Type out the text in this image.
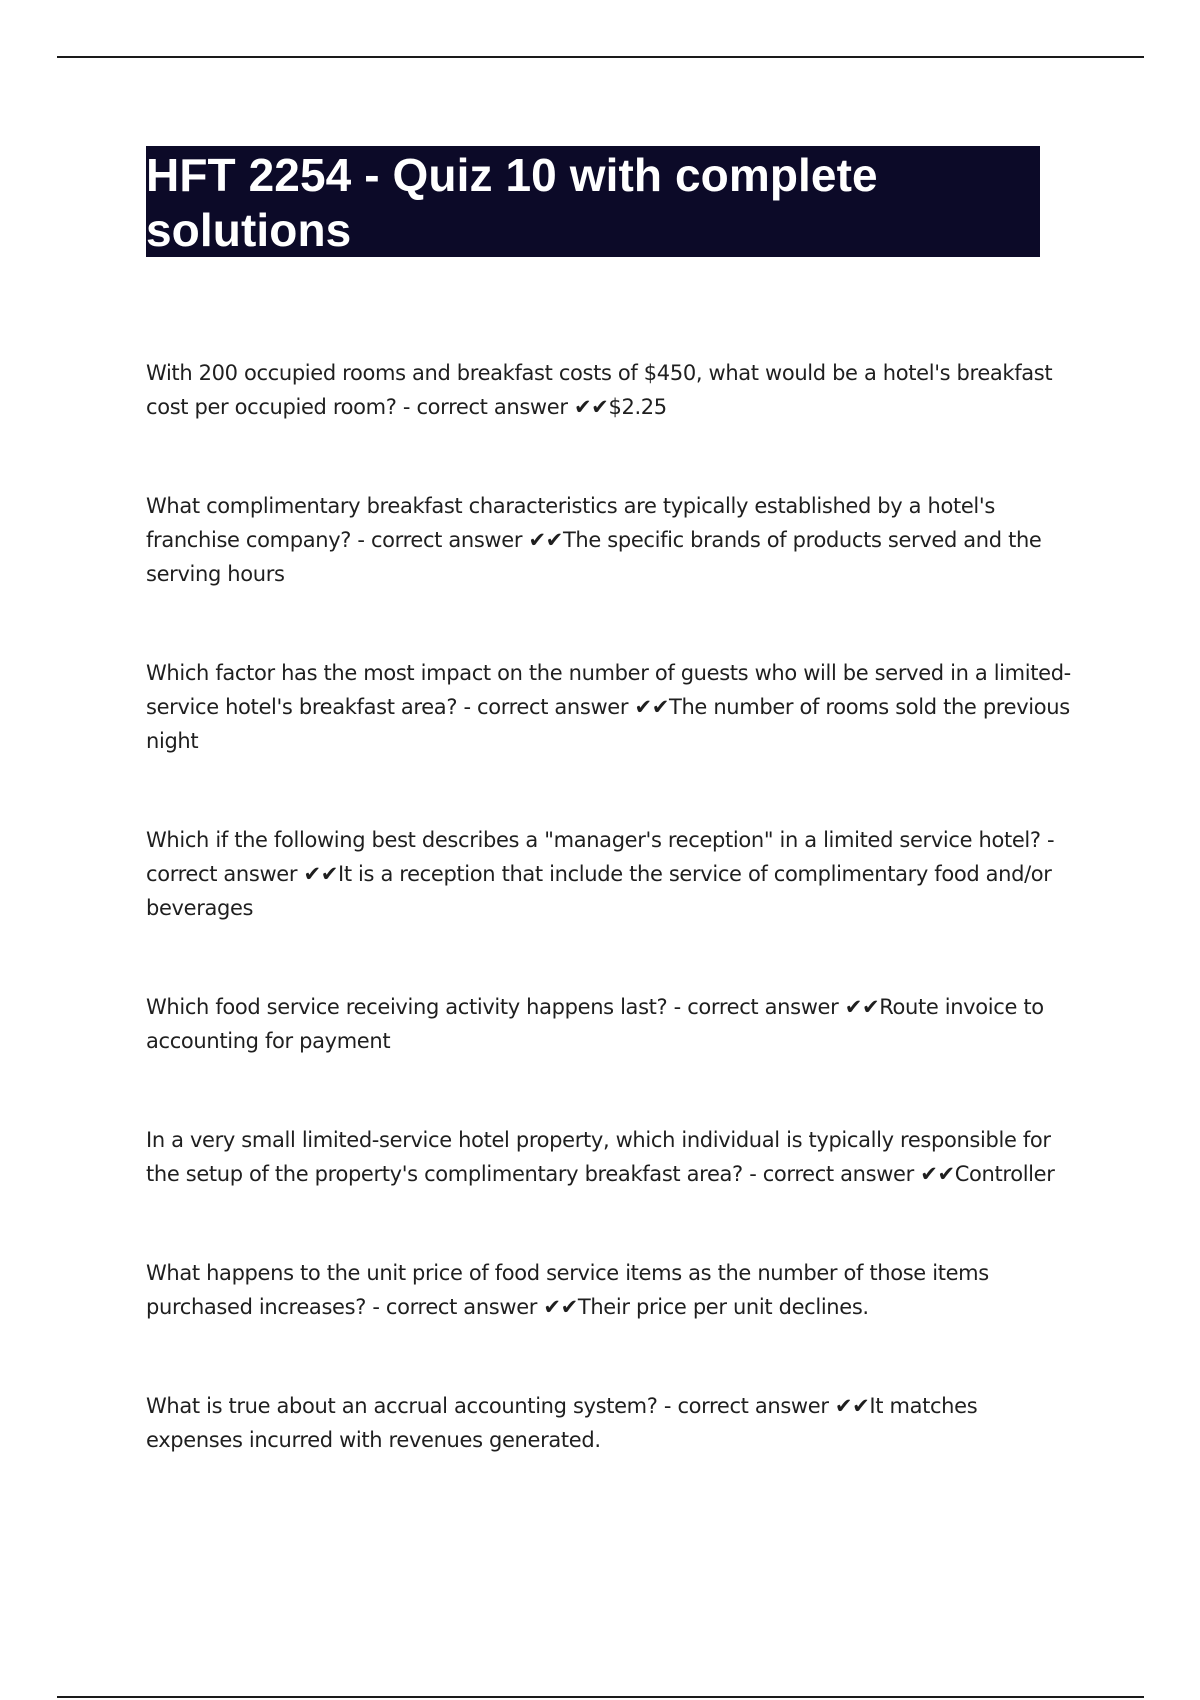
HFT 2254 - Quiz 10 with complete solutions
With 200 occupied rooms and breakfast costs of $450, what would be a hotel's breakfast cost per occupied room? - correct answer ✔✔$2.25
What complimentary breakfast characteristics are typically established by a hotel's franchise company? - correct answer ✔✔The specific brands of products served and the serving hours
Which factor has the most impact on the number of guests who will be served in a limited-service hotel's breakfast area? - correct answer ✔✔The number of rooms sold the previous night
Which if the following best describes a "manager's reception" in a limited service hotel? - correct answer ✔✔It is a reception that include the service of complimentary food and/or beverages
Which food service receiving activity happens last? - correct answer ✔✔Route invoice to accounting for payment
In a very small limited-service hotel property, which individual is typically responsible for the setup of the property's complimentary breakfast area? - correct answer ✔✔Controller
What happens to the unit price of food service items as the number of those items purchased increases? - correct answer ✔✔Their price per unit declines.
What is true about an accrual accounting system? - correct answer ✔✔It matches expenses incurred with revenues generated.
